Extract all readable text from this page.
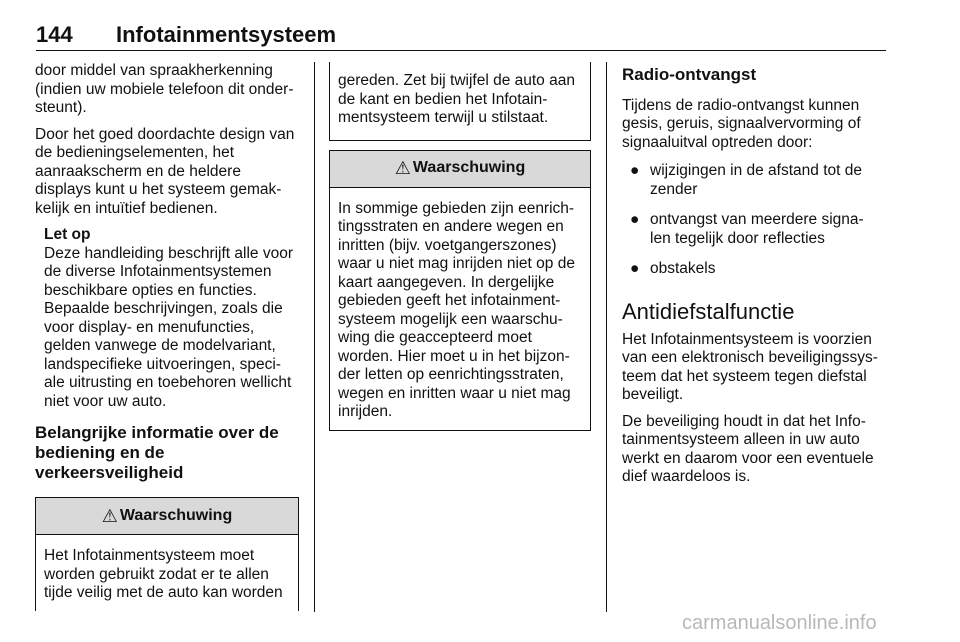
144 Infotainmentsysteem

door middel van spraakherkenning
(indien uw mobiele telefoon dit onder-
steunt).

Door het goed doordachte design van
de bedieningselementen, het
aanraakscherm en de heldere
displays kunt u het systeem gemak-
kelijk en intuïtief bedienen.

Let op
Deze handleiding beschrijft alle voor
de diverse Infotainmentsystemen
beschikbare opties en functies.
Bepaalde beschrijvingen, zoals die
voor display- en menufuncties,
gelden vanwege de modelvariant,
landspecifieke uitvoeringen, speci-
ale uitrusting en toebehoren wellicht
niet voor uw auto.
Belangrijke informatie over de
bediening en de
verkeersveiligheid
⚠ Waarschuwing
Het Infotainmentsysteem moet
worden gebruikt zodat er te allen
tijde veilig met de auto kan worden
gereden. Zet bij twijfel de auto aan
de kant en bedien het Infotain-
mentsysteem terwijl u stilstaat.
⚠ Waarschuwing
In sommige gebieden zijn eenrich-
tingsstraten en andere wegen en
inritten (bijv. voetgangerszones)
waar u niet mag inrijden niet op de
kaart aangegeven. In dergelijke
gebieden geeft het infotainment-
systeem mogelijk een waarschu-
wing die geaccepteerd moet
worden. Hier moet u in het bijzon-
der letten op eenrichtingsstraten,
wegen en inritten waar u niet mag
inrijden.
Radio-ontvangst

Tijdens de radio-ontvangst kunnen
gesis, geruis, signaalvervorming of
signaaluitval optreden door:

● wijzigingen in de afstand tot de
zender
● ontvangst van meerdere signa-
len tegelijk door reflecties
● obstakels
Antidiefstalfunctie

Het Infotainmentsysteem is voorzien
van een elektronisch beveiligingssys-
teem dat het systeem tegen diefstal
beveiligt.

De beveiliging houdt in dat het Info-
tainmentsysteem alleen in uw auto
werkt en daarom voor een eventuele
dief waardeloos is.

carmanualsonline.info
